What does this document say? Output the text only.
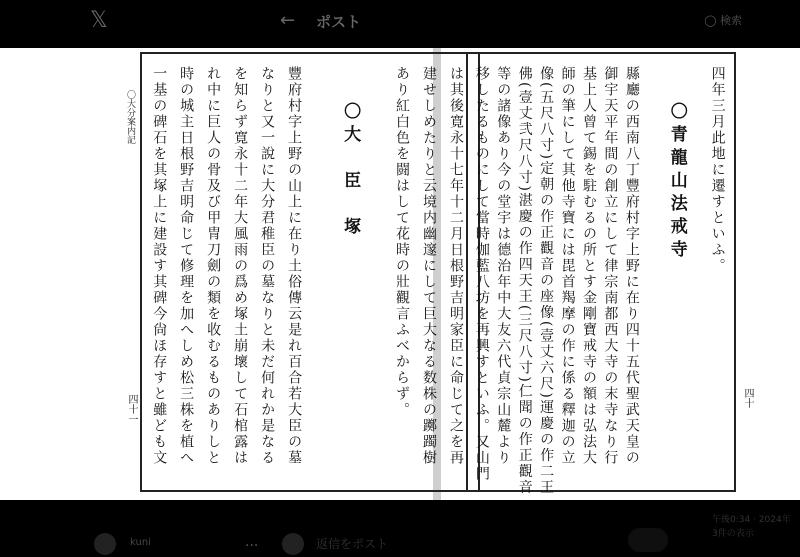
𝕏	← ポスト	◯ 検索
〇大分案内記
四十一	は其後寛永十七年十二月日根野吉明家臣に命じて之を再
建せしめたりと云境内幽邃にして巨大なる数株の躑躅樹
あり紅白色を闘はして花時の壯觀言ふべからず。
〇大　臣　塚
豐府村字上野の山上に在り土俗傳云是れ百合若大臣の墓
なりと又一說に大分君稚臣の墓なりと未だ何れか是なる
を知らず寛永十二年大風雨の爲め塚土崩壞して石棺露は
れ中に巨人の骨及び甲冑刀劍の類を收むるものありしと
時の城主日根野吉明命じて修理を加へしめ松三株を植へ
一基の碑石を其塚上に建設す其碑今尙ほ存すと雖ども文	四年三月此地に遷すといふ。
〇青龍山法戒寺
縣廳の西南八丁豐府村字上野に在り四十五代聖武天皇の
御宇天平年間の創立にして律宗南都西大寺の末寺なり行
基上人曾て錫を駐むるの所とす金剛寶戒寺の額は弘法大
師の筆にして其他寺寶には毘首羯摩の作に係る釋迦の立
像(五尺八寸)定朝の作正觀音の座像(壹丈六尺)運慶の作二王
佛(壹丈弐尺八寸)湛慶の作四天王(三尺八寸)仁聞の作正觀音
等の諸像あり今の堂宇は德治年中大友六代貞宗山麓より
移したるものにして當時伽藍八坊を再興すといふ。又山門	四十
kuni	...	返信をポスト
午後0:34 · 2024年
3件の表示
